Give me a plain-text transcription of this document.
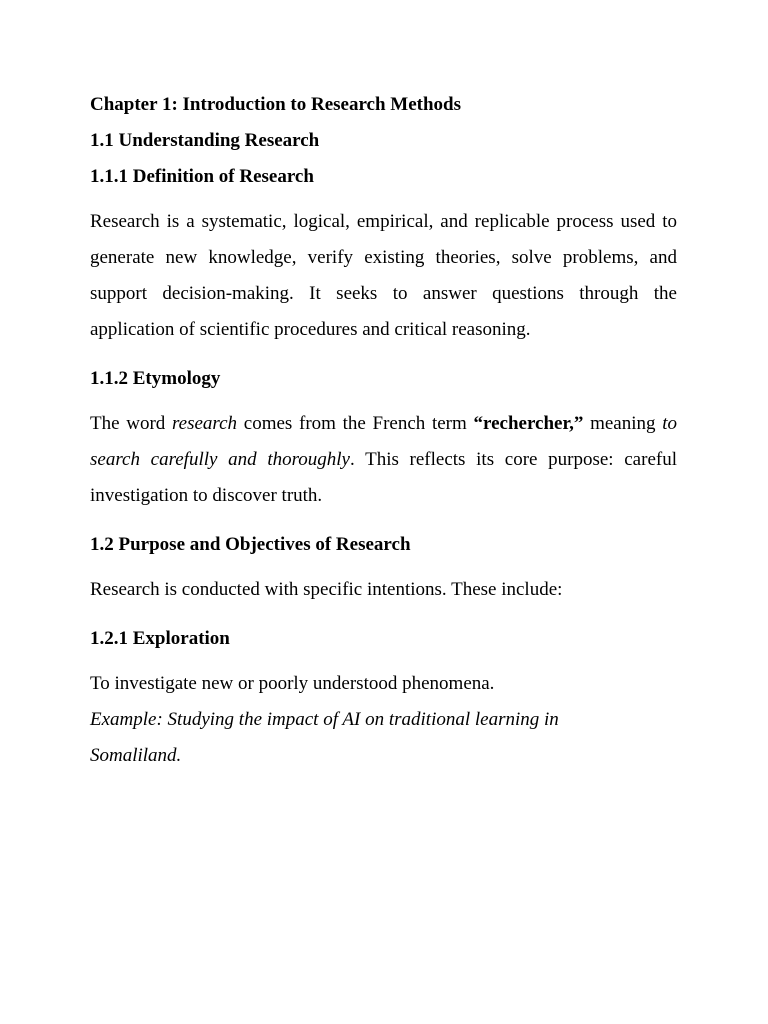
Chapter 1: Introduction to Research Methods
1.1 Understanding Research
1.1.1 Definition of Research

Research is a systematic, logical, empirical, and replicable process used to generate new knowledge, verify existing theories, solve problems, and support decision-making. It seeks to answer questions through the application of scientific procedures and critical reasoning.

1.1.2 Etymology

The word research comes from the French term “rechercher,” meaning to search carefully and thoroughly. This reflects its core purpose: careful investigation to discover truth.

1.2 Purpose and Objectives of Research

Research is conducted with specific intentions. These include:

1.2.1 Exploration

To investigate new or poorly understood phenomena.

Example: Studying the impact of AI on traditional learning in Somaliland.
